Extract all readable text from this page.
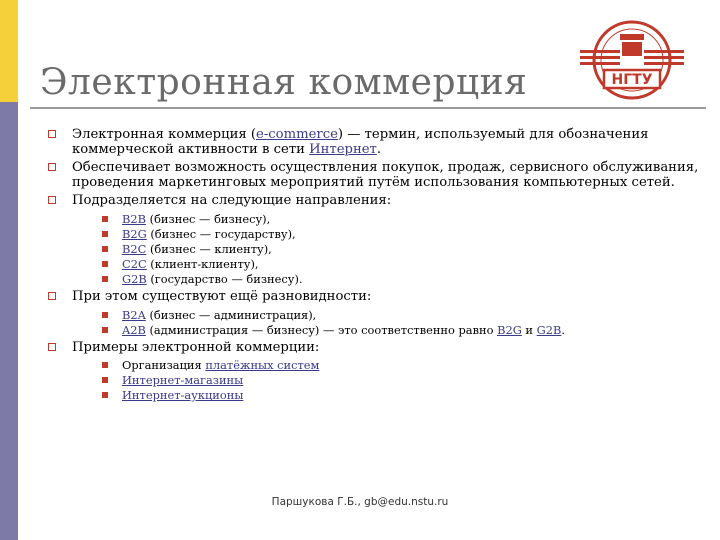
Электронная коммерция	НГТУ
Электронная коммерция (e-commerce) — термин, используемый для обозначения коммерческой активности в сети Интернет.
Обеспечивает возможность осуществления покупок, продаж, сервисного обслуживания, проведения маркетинговых мероприятий путём использования компьютерных сетей.
Подразделяется на следующие направления:
B2B (бизнес — бизнесу),
B2G (бизнес — государству),
B2C (бизнес — клиенту),
C2C (клиент-клиенту),
G2B (государство — бизнесу).
При этом существуют ещё разновидности:
B2A (бизнес — администрация),
A2B (администрация — бизнесу) — это соответственно равно B2G и G2B.
Примеры электронной коммерции:
Организация платёжных систем
Интернет-магазины
Интернет-аукционы
Паршукова Г.Б., gb@edu.nstu.ru
